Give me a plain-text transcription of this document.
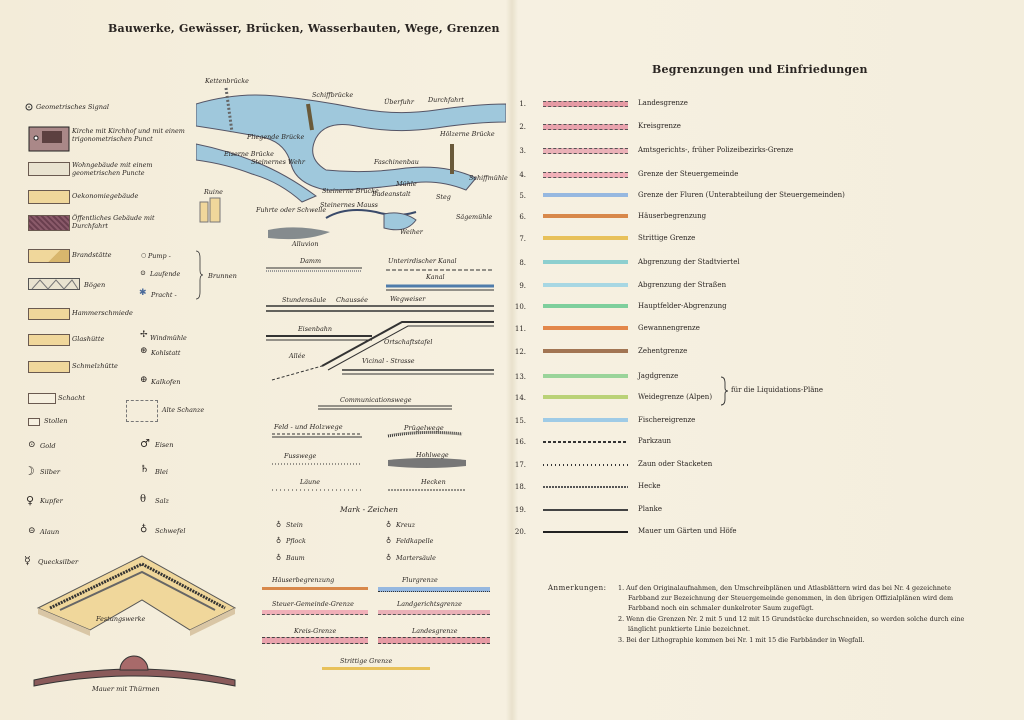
Bauwerke, Gewässer, Brücken, Wasserbauten, Wege, Grenzen
Geometrisches Signal
Kirche mit Kirchhof und mit einem trigonometrischen Punct
Wohngebäude mit einem geometrischen Puncte
Oekonomiegebäude
Öffentliches Gebäude mit Durchfahrt
Brandstätte
Bögen
Hammerschmiede
Glashütte
Schmelzhütte
Schacht
Stollen
⊙ Gold
☽ Silber
♀ Kupfer
⊝ Alaun
☿ Quecksilber
○ Pump -
⊙ Laufende
✱ Pracht -
Brunnen
✢ Windmühle
⊛ Kohlstatt
⊕ Kalkofen
Alte Schanze
♂ Eisen
♄ Blei
θ Salz
♁ Schwefel
Festungswerke
Mauer mit Thürmen
Kettenbrücke
Schiffbrücke
Überfuhr Durchfahrt
Fliegende Brücke
Eiserne Brücke
Steinernes Wehr	Faschinenbau
Hölzerne Brücke
Schiffmühle
Ruine	Steinerne Brücke
Steinernes Mauss
Mühle
Badeanstalt	Steg
Sägemühle
Fuhrte oder Schwelle
Alluvion
Weiher
Damm	Unterirdischer Kanal
Kanal
Stundensäule Chaussée	Wegweiser
Eisenbahn
Ortschaftstafel
Allée
Vicinal - Strasse
Communicationswege
Feld - und Holzwege	Prügelwege
Fusswege	Hohlwege
Läune	Hecken
Mark - Zeichen
♁ Stein	♁ Kreuz
♁ Pflock	♁ Feldkapelle
♁ Baum	♁ Martersäule
Häuserbegrenzung	Flurgrenze
Steuer-Gemeinde-Grenze	Landgerichtsgrenze
Kreis-Grenze	Landesgrenze
Strittige Grenze
Begrenzungen und Einfriedungen
1.	Landesgrenze
2.	Kreisgrenze
3.	Amtsgerichts-, früher Polizeibezirks-Grenze
4.	Grenze der Steuergemeinde
5.	Grenze der Fluren (Unterabteilung der Steuergemeinden)
6.	Häuserbegrenzung
7.	Strittige Grenze
8.	Abgrenzung der Stadtviertel
9.	Abgrenzung der Straßen
10.	Hauptfelder-Abgrenzung
11.	Gewannengrenze
12.	Zehentgrenze
13.	Jagdgrenze
14.	Weidegrenze (Alpen)
15.	Fischereigrenze
16.	Parkzaun
17.	Zaun oder Stacketen
18.	Hecke
19.	Planke
20.	Mauer um Gärten und Höfe
für die Liquidations-Pläne
Anmerkungen: 1. Auf den Originalaufnahmen, den Umschreibplänen und Atlasblättern wird das bei Nr. 4 gezeichnete
Farbband zur Bezeichnung der Steuergemeinde genommen, in den übrigen Offizialplänen wird dem
Farbband noch ein schmaler dunkelroter Saum zugefügt.
2. Wenn die Grenzen Nr. 2 mit 5 und 12 mit 15 Grundstücke durchschneiden, so werden solche durch eine
länglicht punktierte Linie bezeichnet.
3. Bei der Lithographie kommen bei Nr. 1 mit 15 die Farbbänder in Wegfall.
